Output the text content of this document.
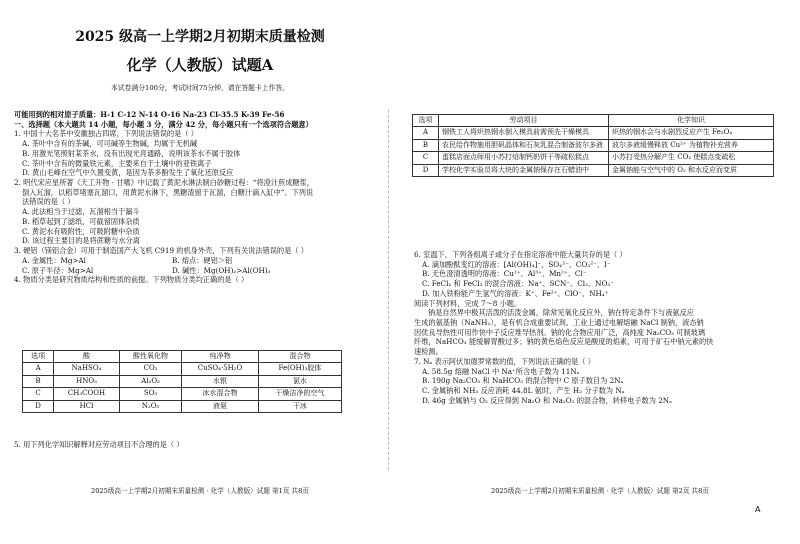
2025 级高一上学期2月初期末质量检测
化学（人教版）试题A
本试卷满分100分，考试时间75分钟，请在答题卡上作答。
可能用到的相对原子质量：H-1 C-12 N-14 O-16 Na-23 Cl-35.5 K-39 Fe-56
一、选择题（本大题共 14 小题，每小题 3 分，满分 42 分，每小题只有一个选项符合题意）
1. 中国十大名茶中安徽独占四席，下列说法错误的是（ ）
A. 茶叶中含有的茶碱，可可碱等生物碱，均属于无机碱
B. 用激光笔照射某茶水，没有出现光亮通路，说明该茶水不属于胶体
C. 茶叶中含有的微量铁元素，主要来自于土壤中的亚铁离子
D. 黄山毛峰在空气中久置变黄，是因为茶多酚发生了氧化还原反应
2. 明代宋应星所著《天工开物 · 甘嗜》中记载了黄泥水淋法制白砂糖过程：“将澄汁煎成糖浆，
倒入瓦溜，以稻草堵塞瓦溜口，用黄泥水淋下，黑糖渣留于瓦溜，白糖汁滴入缸中”。下列说
法错误的是（ ）
A. 此法相当于过滤，瓦溜相当于漏斗
B. 稻草起到了滤纸，可截留固体杂质
C. 黄泥水有吸附性，可吸附糖中杂质
D. 该过程主要目的是将蔗糖与水分离
3. 硬铝（镁铝合金）可用于制造国产大飞机 C919 的机身外壳，下列有关说法错误的是（ ）
A. 金属性：Mg>Al	B. 熔点：硬铝＞铝
C. 原子半径：Mg>Al	D. 碱性：Mg(OH)₂>Al(OH)₃
4. 物质分类是研究物质结构和性质的前提。下列物质分类均正确的是（ ）
选项	酸	酸性氧化物	纯净物	混合物
A	NaHSO₄	CO₂	CuSO₄·5H₂O	Fe(OH)₃胶体
B	HNO₃	Al₂O₃	水银	氯水
C	CH₃COOH	SO₃	冰水混合物	干燥洁净的空气
D	HCl	N₂O₅	液氨	干冰
5. 用下列化学知识解释对应劳动项目不合理的是（ ）
2025级高一上学期2月初期末质量检测 · 化学（人教版）试题 第1页 共8页
选项	劳动项目	化学知识
A	钢铁工人将炽热钢水倒入模具前需预先干燥模具	炽热的钢水会与水剧烈反应产生 Fe₃O₄
B	农民给作物施用胆矾晶体和石灰乳混合制备波尔多液	波尔多液缓慢释放 Cu²⁺ 为植物补充营养
C	蛋糕店面点师用小苏打焙制钙奶饼干等疏松糕点	小苏打受热分解产生 CO₂ 使糕点变疏松
D	学校化学实验员将大块的金属钠保存在石蜡油中	金属钠能与空气中的 O₂ 和水反应而变质
6. 室温下，下列各组离子或分子在指定溶液中能大量共存的是（ ）
A. 滴加酚酞变红的溶液：[Al(OH)₄]⁻、SO₄²⁻、CO₃²⁻、I⁻
B. 无色澄清透明的溶液：Cu²⁺、Al³⁺、Mn²⁺、Cl⁻
C. FeCl₂ 和 FeCl₃ 的混合溶液：Na⁺、SCN⁻、Cl₂、NO₃⁻
D. 加入铁粉能产生氢气的溶液：K⁺、Fe²⁺、ClO⁻、NH₄⁺
阅读下列材料，完成 7～8 小题。
钠是自然界中极其活泼的活泼金属，除常见氧化反应外，钠在特定条件下与液氨反应
生成的氨基钠（NaNH₂），是有机合成重要试剂。工业上通过电解熔融 NaCl 制钠，液态钠
因优良导热性可用作快中子反应堆导热剂。钠的化合物应用广泛，高纯度 Na₂CO₃ 可制玻璃
纤维，NaHCO₃ 能缓解胃酸过多；钠的黄色焰色反应是酸度的焰素，可用于矿石中钠元素的快
速检测。
7. Nₐ 表示阿伏加德罗常数的值，下列说法正确的是（ ）
A. 58.5g 熔融 NaCl 中 Na⁺所含电子数为 11Nₐ
B. 190g Na₂CO₃ 和 NaHCO₃ 的混合物中 C 原子数目为 2Nₐ
C. 金属钠和 NH₃ 反应消耗 44.8L 氨时，产生 H₂ 分子数为 Nₐ
D. 46g 金属钠与 O₂ 反应得到 Na₂O 和 Na₂O₂ 的混合物，转移电子数为 2Nₐ
2025级高一上学期2月初期末质量检测 · 化学（人教版）试题 第2页 共8页
A
